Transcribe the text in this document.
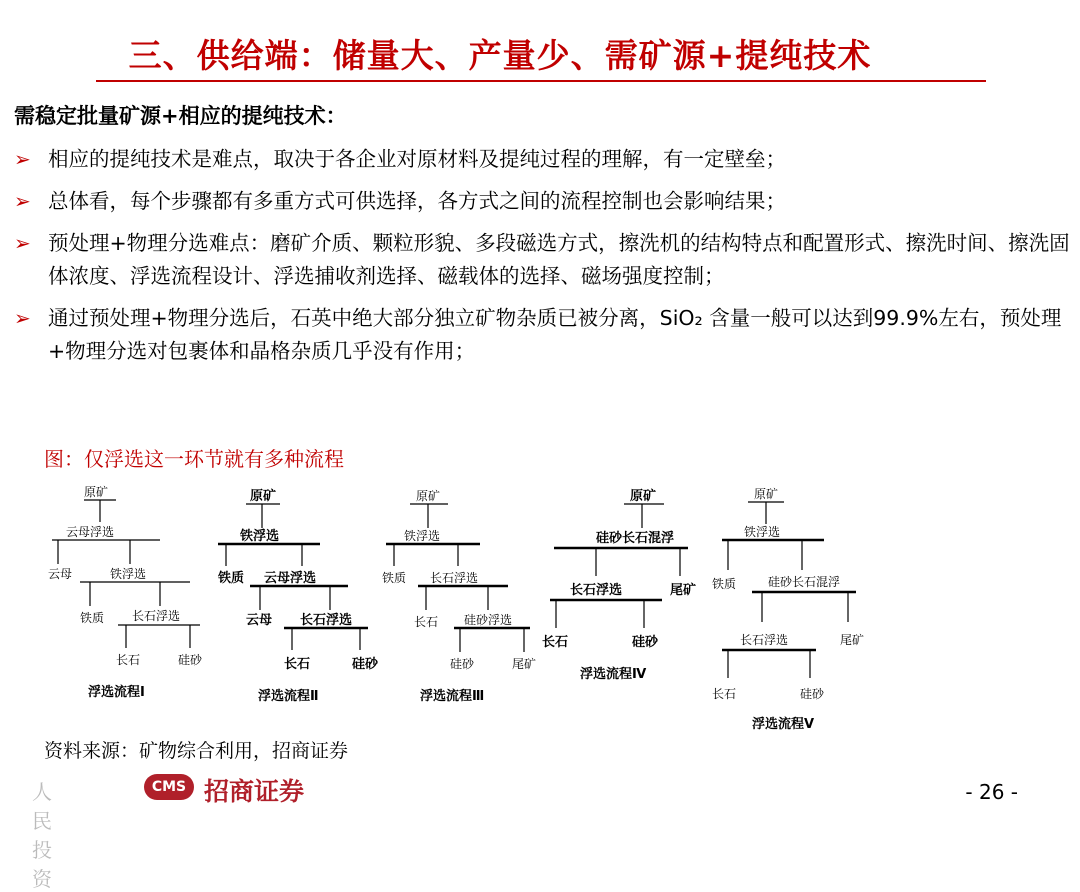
三、供给端：储量大、产量少、需矿源+提纯技术
需稳定批量矿源+相应的提纯技术：
➢ 相应的提纯技术是难点，取决于各企业对原材料及提纯过程的理解，有一定壁垒；
➢ 总体看，每个步骤都有多重方式可供选择，各方式之间的流程控制也会影响结果；
➢ 预处理+物理分选难点：磨矿介质、颗粒形貌、多段磁选方式，擦洗机的结构特点和配置形式、擦洗时间、擦洗固体浓度、浮选流程设计、浮选捕收剂选择、磁载体的选择、磁场强度控制；
➢ 通过预处理+物理分选后，石英中绝大部分独立矿物杂质已被分离，SiO₂ 含量一般可以达到99.9%左右，预处理+物理分选对包裹体和晶格杂质几乎没有作用；
图：仅浮选这一环节就有多种流程
原矿
云母浮选
云母	铁浮选
铁质 长石浮选
长石	硅砂
浮选流程Ⅰ
原矿
铁浮选
铁质 云母浮选
云母 长石浮选
长石	硅砂
浮选流程Ⅱ
原矿
铁浮选
铁质 长石浮选
长石 硅砂浮选
硅砂	尾矿
浮选流程Ⅲ
原矿
硅砂长石混浮
尾矿
长石浮选
长石	硅砂
浮选流程Ⅳ
原矿
铁浮选
铁质	硅砂长石混浮
尾矿
长石浮选
长石	硅砂
浮选流程Ⅴ
资料来源：矿物综合利用，招商证券
人民投资
CMS 招商证券	- 26 -
